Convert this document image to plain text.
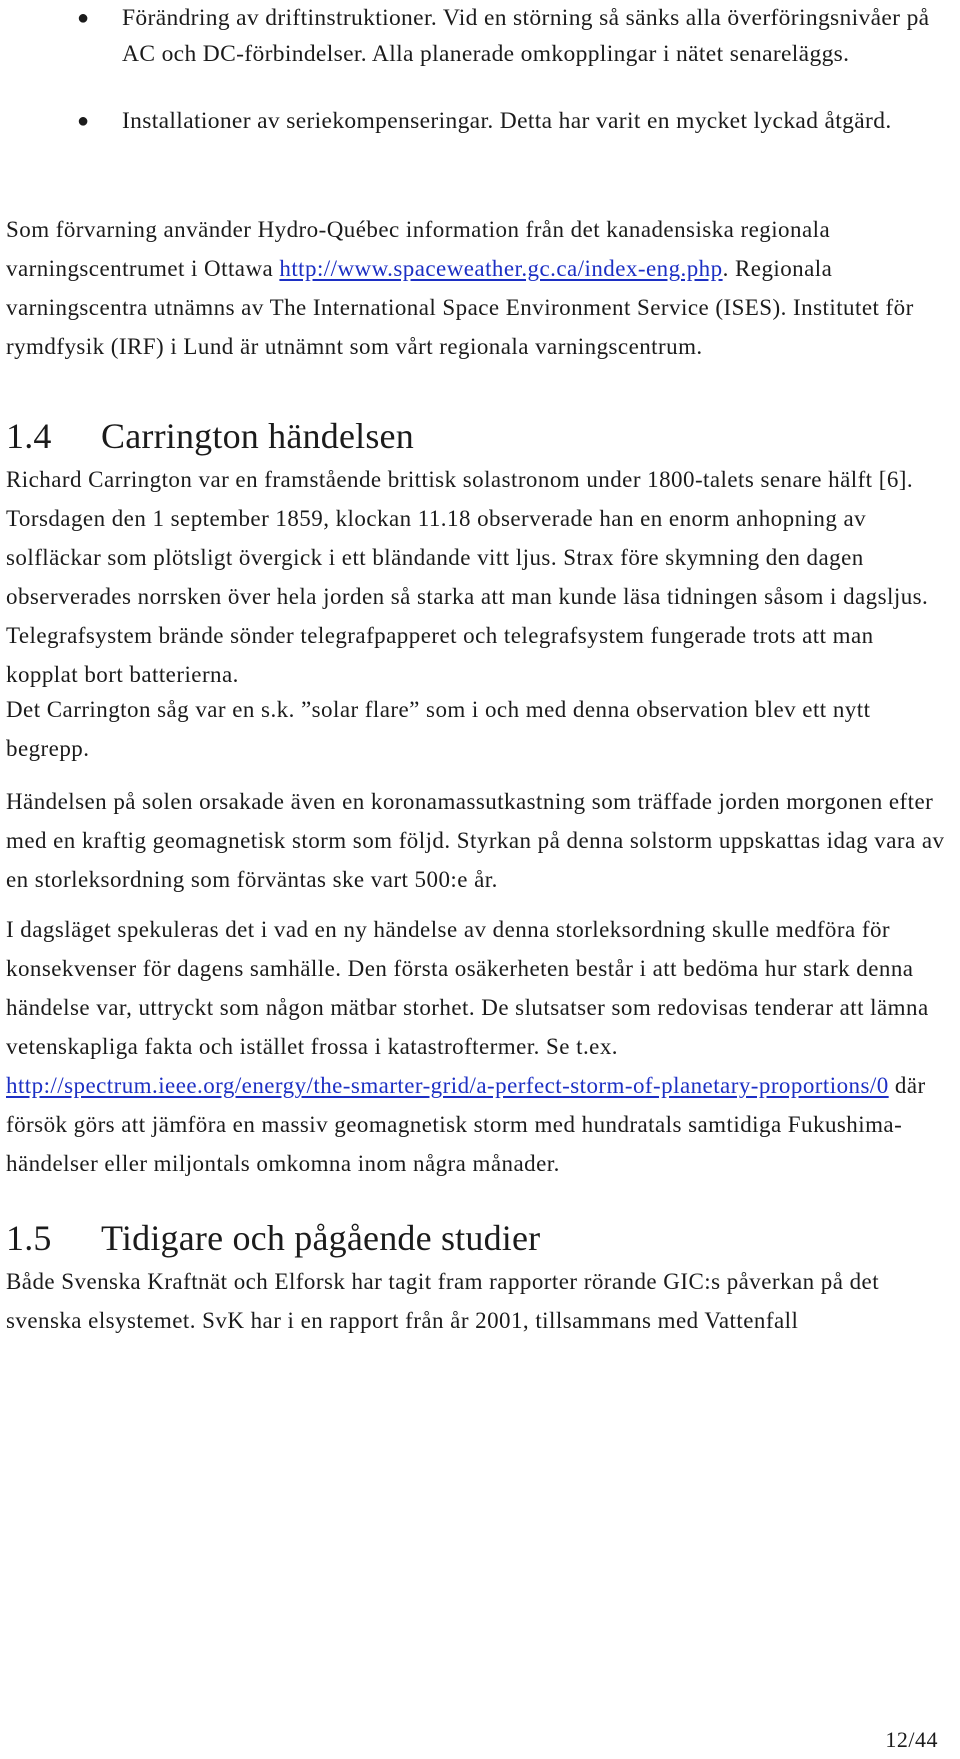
● Förändring av driftinstruktioner. Vid en störning så sänks alla överföringsnivåer på AC och DC-förbindelser. Alla planerade omkopplingar i nätet senareläggs.
● Installationer av seriekompenseringar. Detta har varit en mycket lyckad åtgärd.

Som förvarning använder Hydro-Québec information från det kanadensiska regionala varningscentrumet i Ottawa http://www.spaceweather.gc.ca/index-eng.php. Regionala varningscentra utnämns av The International Space Environment Service (ISES). Institutet för rymdfysik (IRF) i Lund är utnämnt som vårt regionala varningscentrum.

1.4 Carrington händelsen

Richard Carrington var en framstående brittisk solastronom under 1800-talets senare hälft [6]. Torsdagen den 1 september 1859, klockan 11.18 observerade han en enorm anhopning av solfläckar som plötsligt övergick i ett bländande vitt ljus. Strax före skymning den dagen observerades norrsken över hela jorden så starka att man kunde läsa tidningen såsom i dagsljus. Telegrafsystem brände sönder telegrafpapperet och telegrafsystem fungerade trots att man kopplat bort batterierna.

Det Carrington såg var en s.k. ”solar flare” som i och med denna observation blev ett nytt begrepp.

Händelsen på solen orsakade även en koronamassutkastning som träffade jorden morgonen efter med en kraftig geomagnetisk storm som följd. Styrkan på denna solstorm uppskattas idag vara av en storleksordning som förväntas ske vart 500:e år.

I dagsläget spekuleras det i vad en ny händelse av denna storleksordning skulle medföra för konsekvenser för dagens samhälle. Den första osäkerheten består i att bedöma hur stark denna händelse var, uttryckt som någon mätbar storhet. De slutsatser som redovisas tenderar att lämna vetenskapliga fakta och istället frossa i katastroftermer. Se t.ex. http://spectrum.ieee.org/energy/the-smarter-grid/a-perfect-storm-of-planetary-proportions/0 där försök görs att jämföra en massiv geomagnetisk storm med hundratals samtidiga Fukushima-händelser eller miljontals omkomna inom några månader.

1.5 Tidigare och pågående studier

Både Svenska Kraftnät och Elforsk har tagit fram rapporter rörande GIC:s påverkan på det svenska elsystemet. SvK har i en rapport från år 2001, tillsammans med Vattenfall

12/44
